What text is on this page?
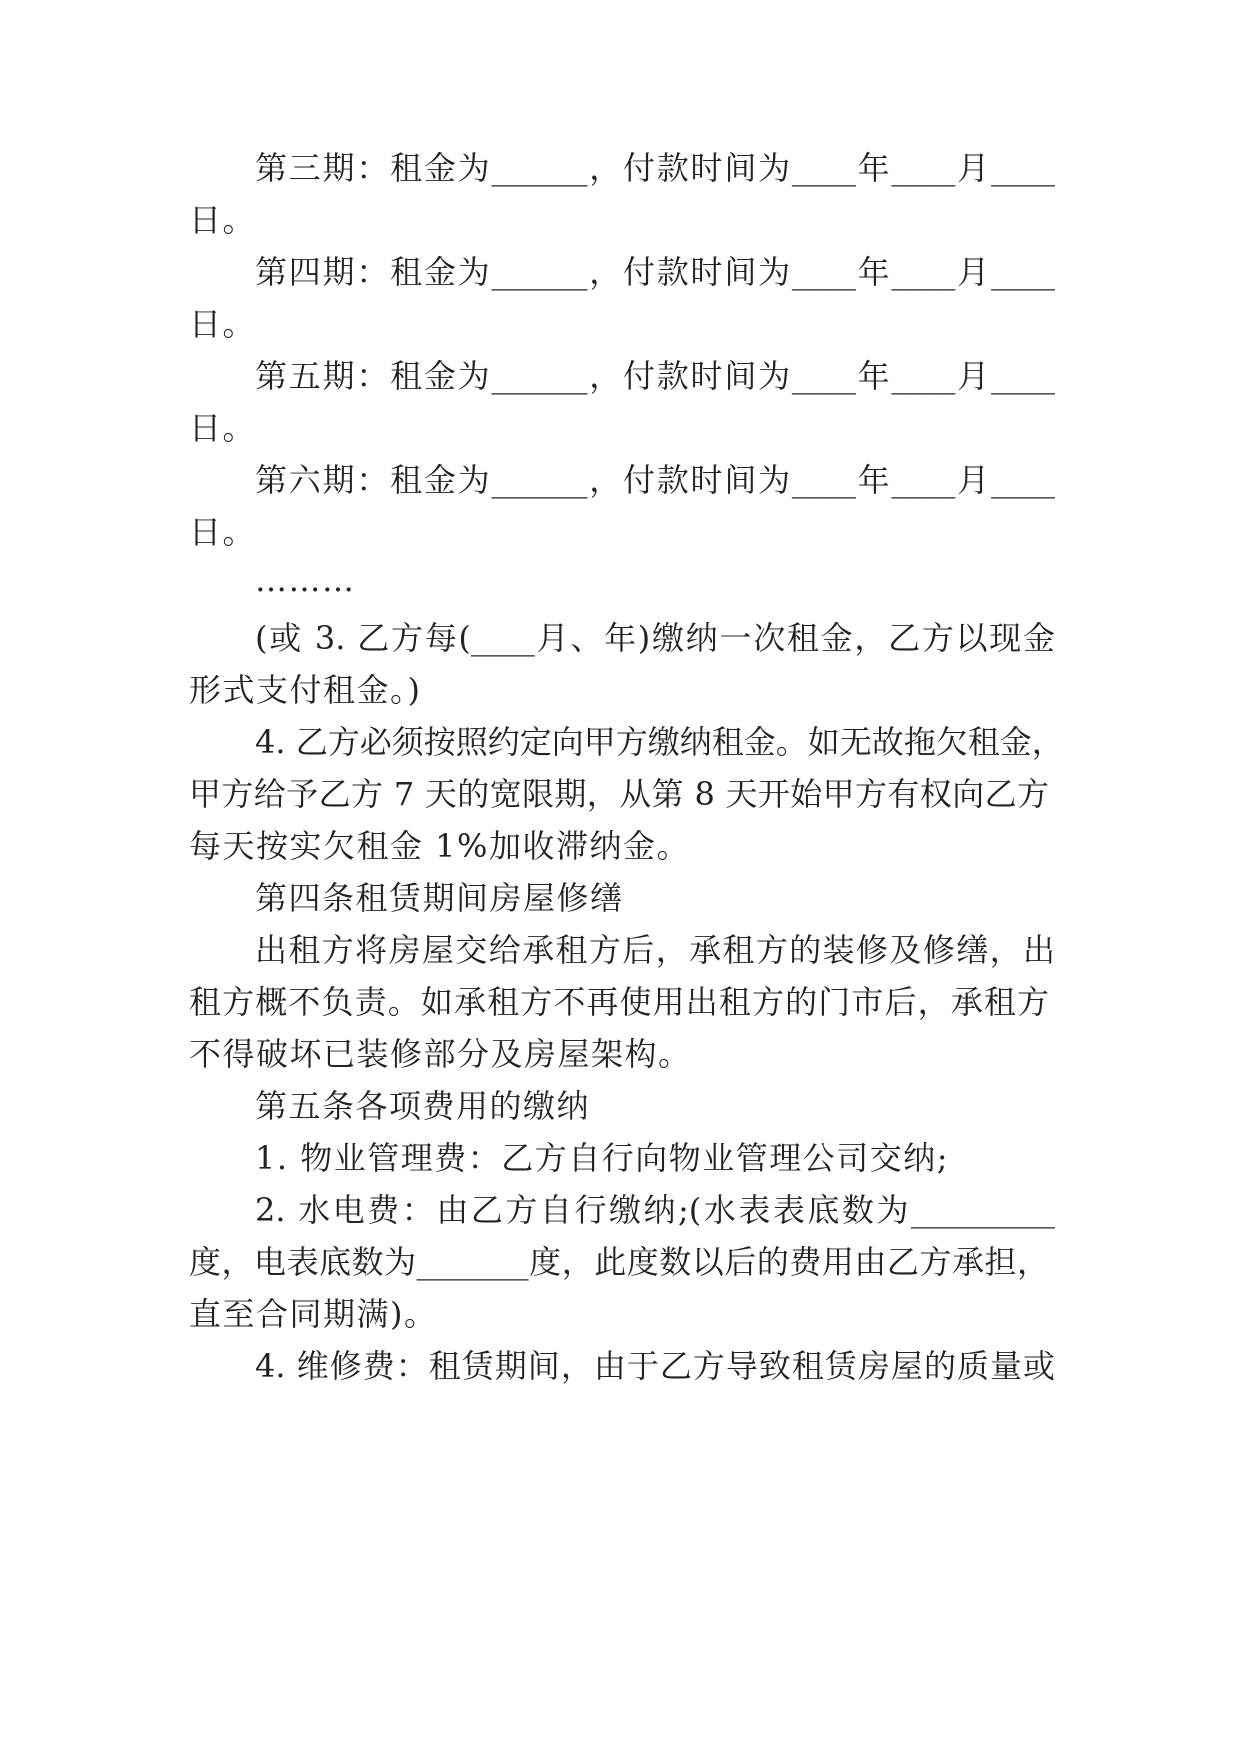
第三期：租金为______，付款时间为____年____月____
日。
第四期：租金为______，付款时间为____年____月____
日。
第五期：租金为______，付款时间为____年____月____
日。
第六期：租金为______，付款时间为____年____月____
日。
………
(或 3. 乙方每(____月、年)缴纳一次租金，乙方以现金
形式支付租金。)
4. 乙方必须按照约定向甲方缴纳租金。如无故拖欠租金，
甲方给予乙方 7 天的宽限期，从第 8 天开始甲方有权向乙方
每天按实欠租金 1%加收滞纳金。
第四条租赁期间房屋修缮
出租方将房屋交给承租方后，承租方的装修及修缮，出
租方概不负责。如承租方不再使用出租方的门市后，承租方
不得破坏已装修部分及房屋架构。
第五条各项费用的缴纳
1. 物业管理费：乙方自行向物业管理公司交纳;
2. 水电费：由乙方自行缴纳;(水表表底数为_________
度，电表底数为_______度，此度数以后的费用由乙方承担，
直至合同期满)。
4. 维修费：租赁期间，由于乙方导致租赁房屋的质量或
